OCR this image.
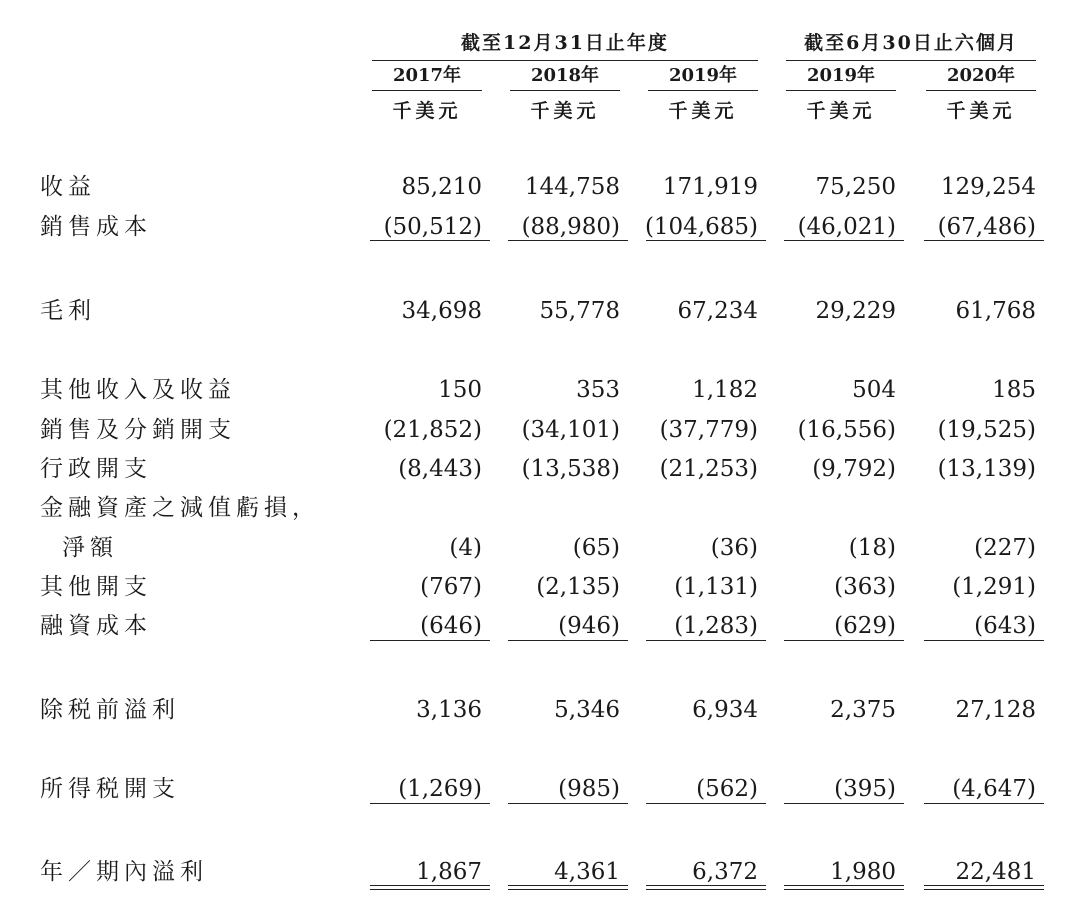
截至12月31日止年度	截至6月30日止六個月
2017年	2018年	2019年	2019年	2020年
千美元	千美元	千美元	千美元	千美元
收益 . . .	85,210	144,758	171,919	75,250	129,254
銷售成本 . . .	(50,512)	(88,980) (104,685)	(46,021)	(67,486)
毛利 . . .	34,698	55,778	67,234	29,229	61,768
其他收入及收益 . . .	150	353	1,182	504	185
銷售及分銷開支 . . .	(21,852)	(34,101)	(37,779)	(16,556)	(19,525)
行政開支 . . .	(8,443)	(13,538)	(21,253)	(9,792)	(13,139)
金融資產之減值虧損，
淨額 . . .	(4)	(65)	(36)	(18)	(227)
其他開支 . . .	(767)	(2,135)	(1,131)	(363)	(1,291)
融資成本 . . .	(646)	(946)	(1,283)	(629)	(643)
除税前溢利 . . .	3,136	5,346	6,934	2,375	27,128
所得税開支 . . .	(1,269)	(985)	(562)	(395)	(4,647)
年／期內溢利 . . .	1,867	4,361	6,372	1,980	22,481
